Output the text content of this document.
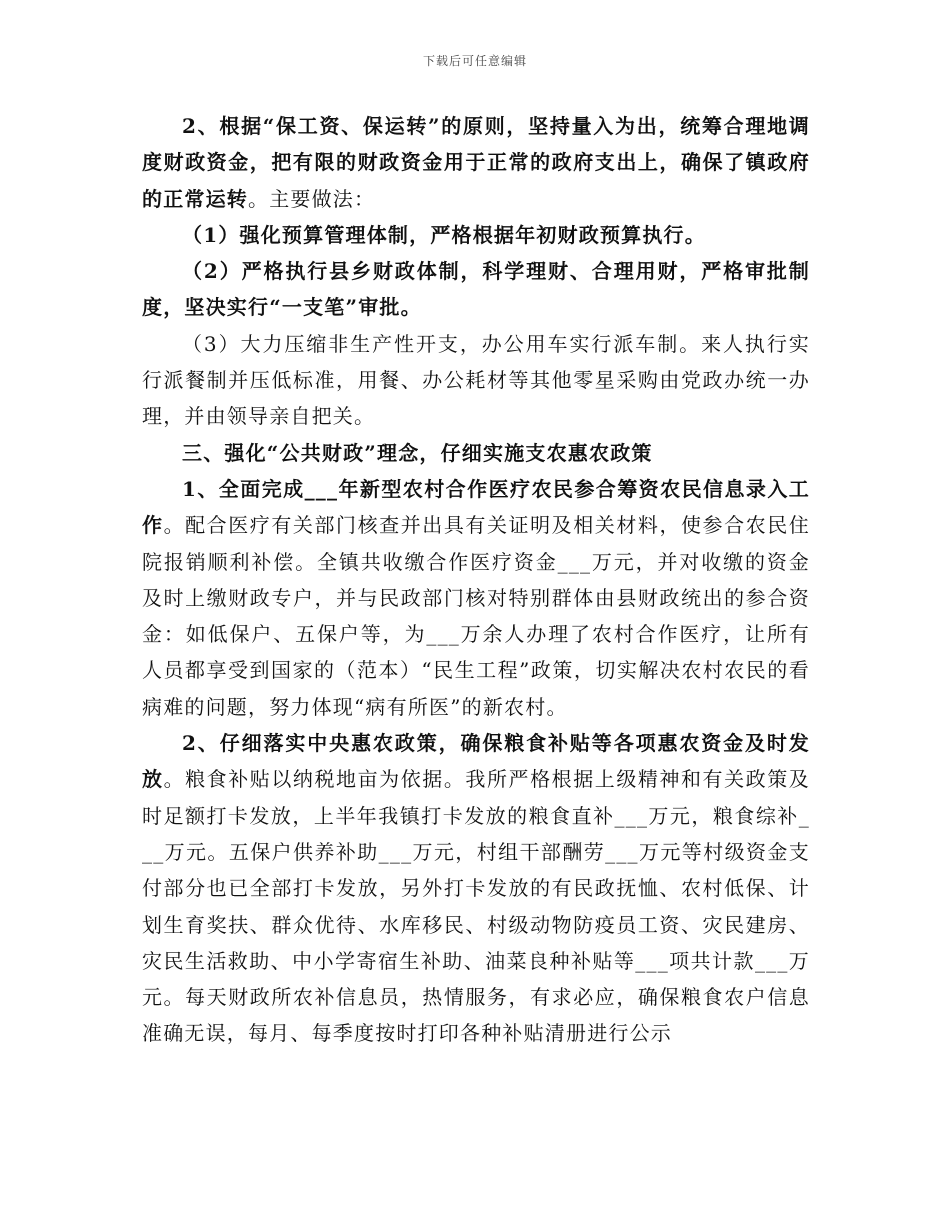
下载后可任意编辑

2、根据“保工资、保运转”的原则，坚持量入为出，统筹合理地调度财政资金，把有限的财政资金用于正常的政府支出上，确保了镇政府的正常运转。主要做法：

（1）强化预算管理体制，严格根据年初财政预算执行。

（2）严格执行县乡财政体制，科学理财、合理用财，严格审批制度，坚决实行“一支笔”审批。

（3）大力压缩非生产性开支，办公用车实行派车制。来人执行实行派餐制并压低标准，用餐、办公耗材等其他零星采购由党政办统一办理，并由领导亲自把关。

三、强化“公共财政”理念，仔细实施支农惠农政策

1、全面完成___年新型农村合作医疗农民参合筹资农民信息录入工作。配合医疗有关部门核查并出具有关证明及相关材料，使参合农民住院报销顺利补偿。全镇共收缴合作医疗资金___万元，并对收缴的资金及时上缴财政专户，并与民政部门核对特别群体由县财政统出的参合资金：如低保户、五保户等，为___万余人办理了农村合作医疗，让所有人员都享受到国家的（范本）“民生工程”政策，切实解决农村农民的看病难的问题，努力体现“病有所医”的新农村。

2、仔细落实中央惠农政策，确保粮食补贴等各项惠农资金及时发放。粮食补贴以纳税地亩为依据。我所严格根据上级精神和有关政策及时足额打卡发放，上半年我镇打卡发放的粮食直补___万元，粮食综补___万元。五保户供养补助___万元，村组干部酬劳___万元等村级资金支付部分也已全部打卡发放，另外打卡发放的有民政抚恤、农村低保、计划生育奖扶、群众优待、水库移民、村级动物防疫员工资、灾民建房、灾民生活救助、中小学寄宿生补助、油菜良种补贴等___项共计款___万元。每天财政所农补信息员，热情服务，有求必应，确保粮食农户信息准确无误，每月、每季度按时打印各种补贴清册进行公示
